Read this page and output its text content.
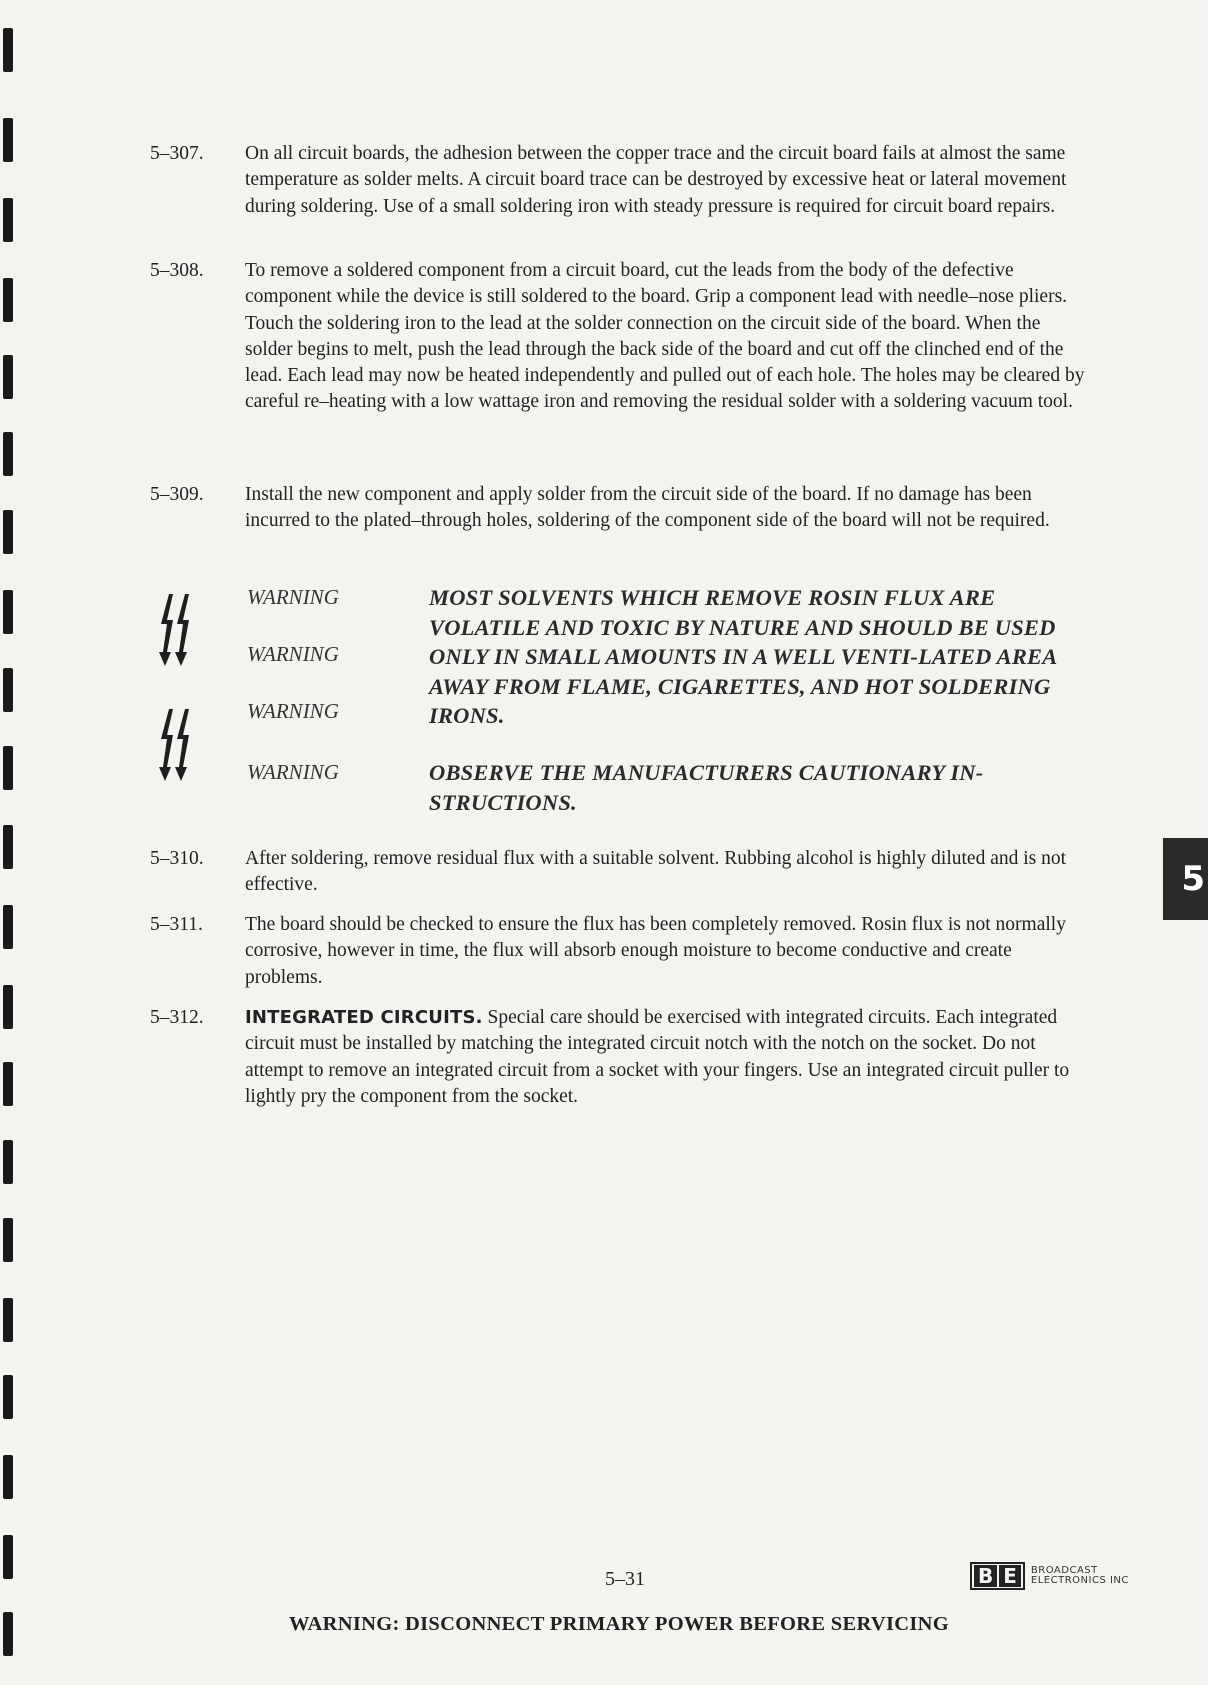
5–307.	On all circuit boards, the adhesion between the copper trace and the circuit board fails at almost the same temperature as solder melts. A circuit board trace can be destroyed by excessive heat or lateral movement during soldering. Use of a small soldering iron with steady pressure is required for circuit board repairs.
5–308.	To remove a soldered component from a circuit board, cut the leads from the body of the defective component while the device is still soldered to the board. Grip a component lead with needle–nose pliers. Touch the soldering iron to the lead at the solder connection on the circuit side of the board. When the solder begins to melt, push the lead through the back side of the board and cut off the clinched end of the lead. Each lead may now be heated independently and pulled out of each hole. The holes may be cleared by careful re–heating with a low wattage iron and removing the residual solder with a soldering vacuum tool.
5–309.	Install the new component and apply solder from the circuit side of the board. If no damage has been incurred to the plated–through holes, soldering of the component side of the board will not be required.
WARNING
WARNING
WARNING
WARNING
MOST SOLVENTS WHICH REMOVE ROSIN FLUX ARE VOLATILE AND TOXIC BY NATURE AND SHOULD BE USED ONLY IN SMALL AMOUNTS IN A WELL VENTI-LATED AREA AWAY FROM FLAME, CIGARETTES, AND HOT SOLDERING IRONS.
OBSERVE THE MANUFACTURERS CAUTIONARY IN-STRUCTIONS.
5–310.	After soldering, remove residual flux with a suitable solvent. Rubbing alcohol is highly diluted and is not effective.
5–311.	The board should be checked to ensure the flux has been completely removed. Rosin flux is not normally corrosive, however in time, the flux will absorb enough moisture to become conductive and create problems.
5–312.	INTEGRATED CIRCUITS. Special care should be exercised with integrated circuits. Each integrated circuit must be installed by matching the integrated circuit notch with the notch on the socket. Do not attempt to remove an integrated circuit from a socket with your fingers. Use an integrated circuit puller to lightly pry the component from the socket.
5
5–31	B E	BROADCAST
ELECTRONICS INC
WARNING: DISCONNECT PRIMARY POWER BEFORE SERVICING
